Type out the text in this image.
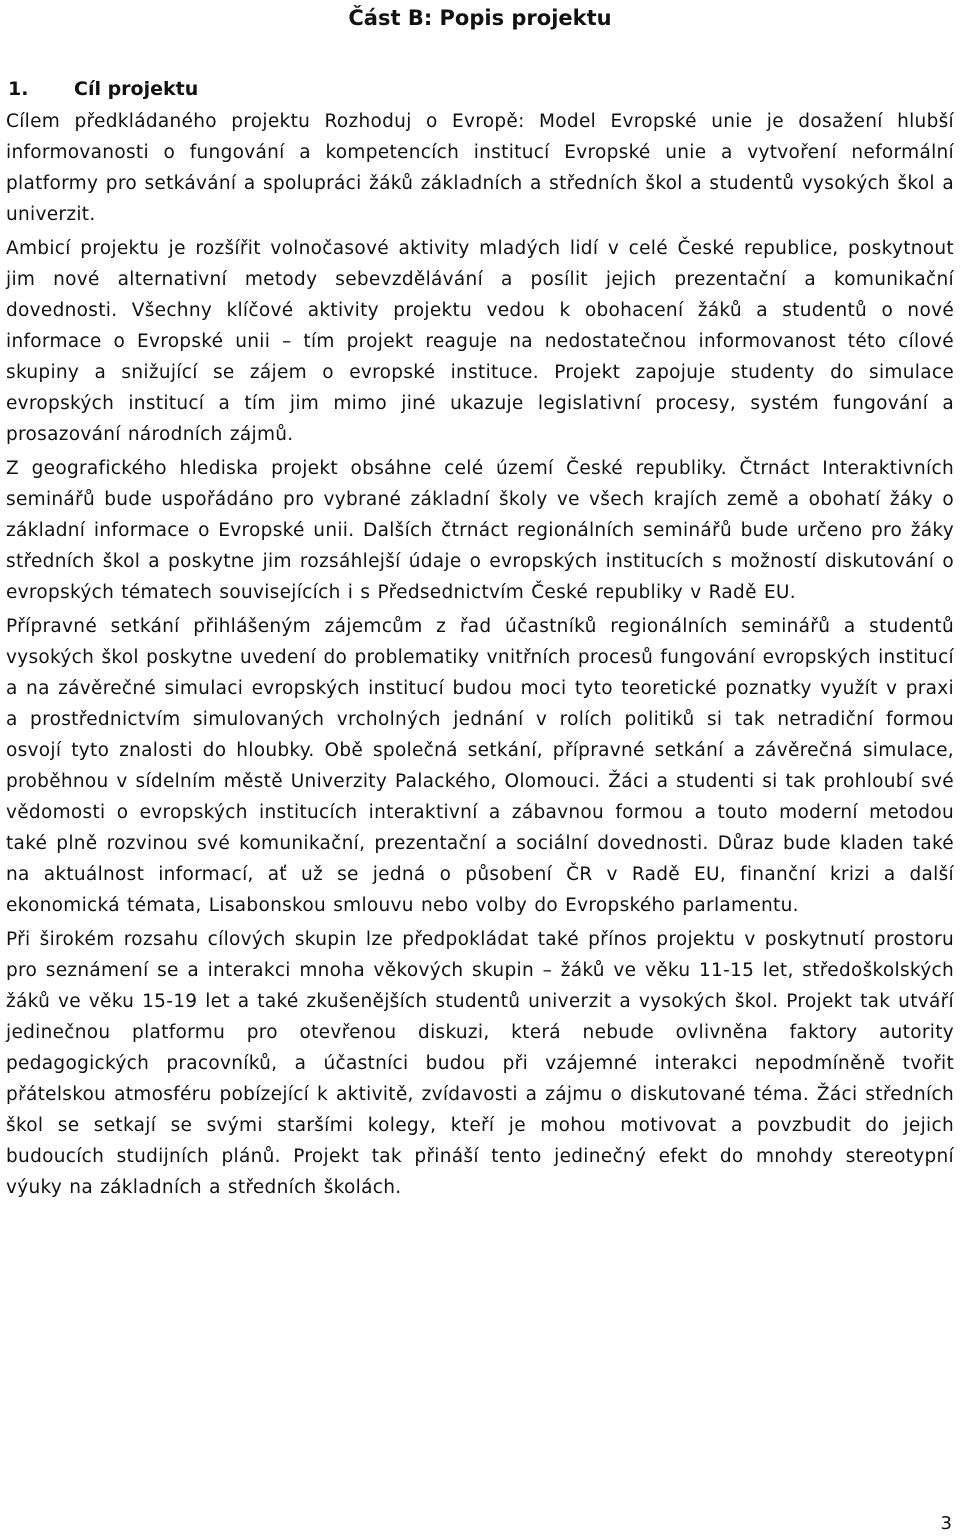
Část B: Popis projektu
1. Cíl projektu

Cílem předkládaného projektu Rozhoduj o Evropě: Model Evropské unie je dosažení hlubší informovanosti o fungování a kompetencích institucí Evropské unie a vytvoření neformální platformy pro setkávání a spolupráci žáků základních a středních škol a studentů vysokých škol a univerzit.

Ambicí projektu je rozšířit volnočasové aktivity mladých lidí v celé České republice, poskytnout jim nové alternativní metody sebevzdělávání a posílit jejich prezentační a komunikační dovednosti. Všechny klíčové aktivity projektu vedou k obohacení žáků a studentů o nové informace o Evropské unii – tím projekt reaguje na nedostatečnou informovanost této cílové skupiny a snižující se zájem o evropské instituce. Projekt zapojuje studenty do simulace evropských institucí a tím jim mimo jiné ukazuje legislativní procesy, systém fungování a prosazování národních zájmů.

Z geografického hlediska projekt obsáhne celé území České republiky. Čtrnáct Interaktivních seminářů bude uspořádáno pro vybrané základní školy ve všech krajích země a obohatí žáky o základní informace o Evropské unii. Dalších čtrnáct regionálních seminářů bude určeno pro žáky středních škol a poskytne jim rozsáhlejší údaje o evropských institucích s možností diskutování o evropských tématech souvisejících i s Předsednictvím České republiky v Radě EU.

Přípravné setkání přihlášeným zájemcům z řad účastníků regionálních seminářů a studentů vysokých škol poskytne uvedení do problematiky vnitřních procesů fungování evropských institucí a na závěrečné simulaci evropských institucí budou moci tyto teoretické poznatky využít v praxi a prostřednictvím simulovaných vrcholných jednání v rolích politiků si tak netradiční formou osvojí tyto znalosti do hloubky. Obě společná setkání, přípravné setkání a závěrečná simulace, proběhnou v sídelním městě Univerzity Palackého, Olomouci. Žáci a studenti si tak prohloubí své vědomosti o evropských institucích interaktivní a zábavnou formou a touto moderní metodou také plně rozvinou své komunikační, prezentační a sociální dovednosti. Důraz bude kladen také na aktuálnost informací, ať už se jedná o působení ČR v Radě EU, finanční krizi a další ekonomická témata, Lisabonskou smlouvu nebo volby do Evropského parlamentu.

Při širokém rozsahu cílových skupin lze předpokládat také přínos projektu v poskytnutí prostoru pro seznámení se a interakci mnoha věkových skupin – žáků ve věku 11-15 let, středoškolských žáků ve věku 15-19 let a také zkušenějších studentů univerzit a vysokých škol. Projekt tak utváří jedinečnou platformu pro otevřenou diskuzi, která nebude ovlivněna faktory autority pedagogických pracovníků, a účastníci budou při vzájemné interakci nepodmíněně tvořit přátelskou atmosféru pobízející k aktivitě, zvídavosti a zájmu o diskutované téma. Žáci středních škol se setkají se svými staršími kolegy, kteří je mohou motivovat a povzbudit do jejich budoucích studijních plánů. Projekt tak přináší tento jedinečný efekt do mnohdy stereotypní výuky na základních a středních školách.

3
